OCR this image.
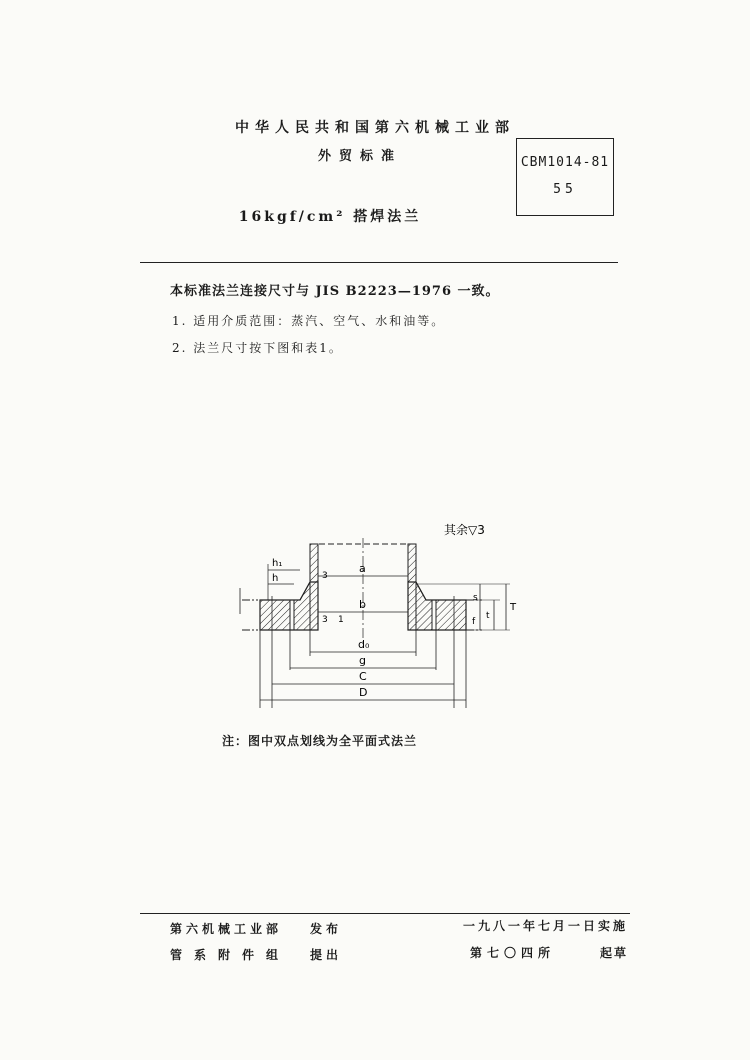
中华人民共和国第六机械工业部
外贸标准	CBM1014-81
55
16kgf/cm² 搭焊法兰
本标准法兰连接尺寸与 JIS B2223—1976 一致。
1. 适用介质范围：蒸汽、空气、水和油等。
2. 法兰尺寸按下图和表1。
其余▽3
a
b
d₀
g
C
D
h₁
h	3
3 1
s
t
T
f
注：图中双点划线为全平面式法兰
第六机械工业部 发布
管系附件组 提出
一九八一年七月一日实施
第七〇四所	起草
